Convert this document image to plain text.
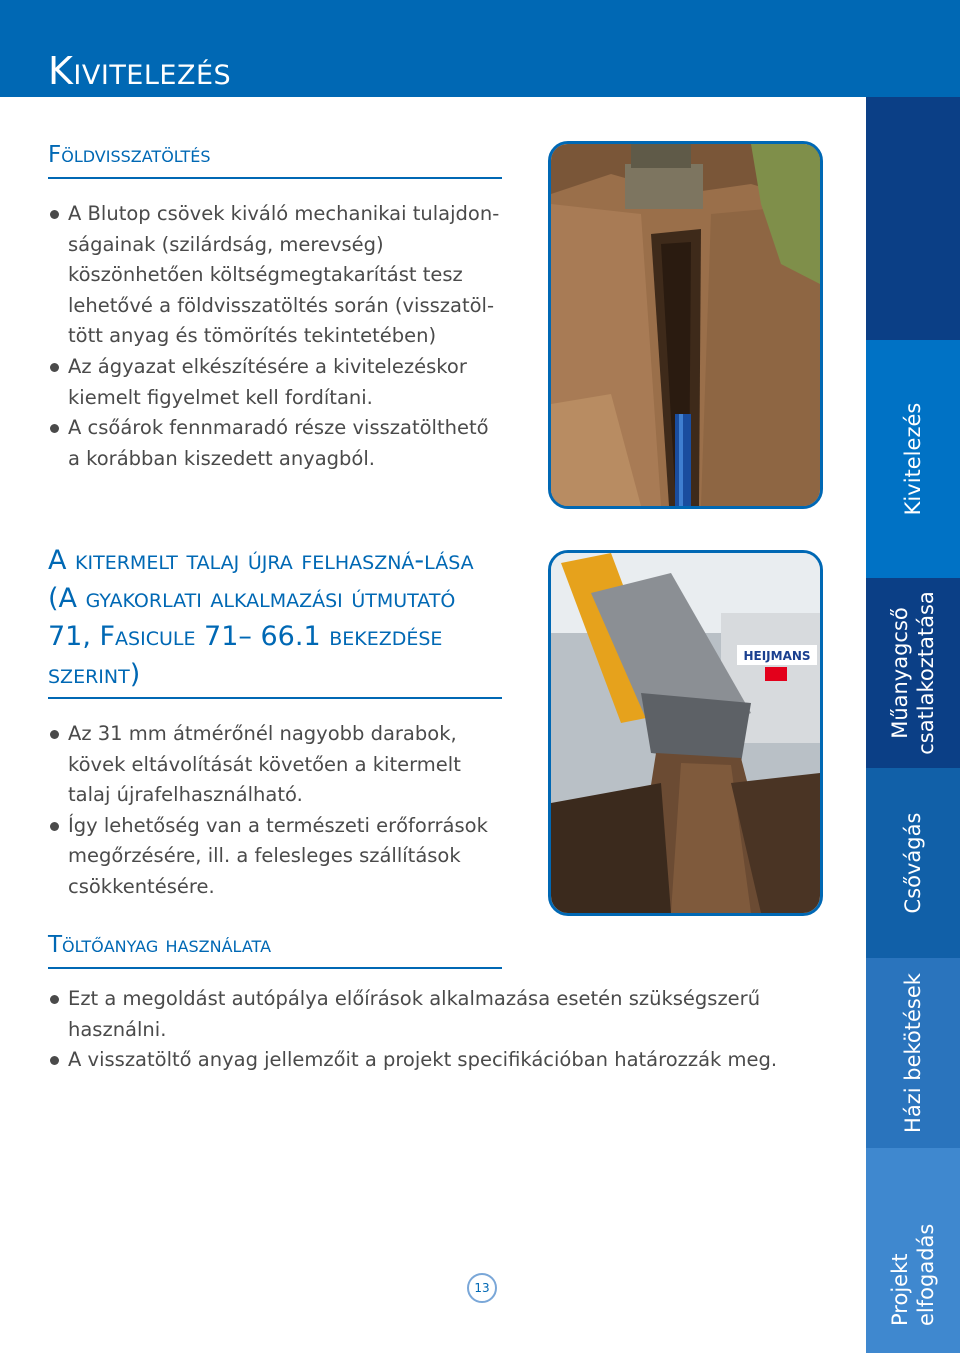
Kivitelezés
Földvisszatöltés
A Blutop csövek kiváló mechanikai tulajdon-ságainak (szilárdság, merevség) köszönhetően költségmegtakarítást tesz lehetővé a földvisszatöltés során (visszatöl-tött anyag és tömörítés tekintetében)
Az ágyazat elkészítésére a kivitelezéskor kiemelt figyelmet kell fordítani.
A csőárok fennmaradó része visszatölthető a korábban kiszedett anyagból.
A kitermelt talaj újra felhaszná-lása (A gyakorlati alkalmazási útmutató 71, Fasicule 71– 66.1 bekezdése szerint)
Az 31 mm átmérőnél nagyobb darabok, kövek eltávolítását követően a kitermelt talaj újrafelhasználható.
Így lehetőség van a természeti erőforrások megőrzésére, ill. a felesleges szállítások csökkentésére.
Töltőanyag használata
Ezt a megoldást autópálya előírások alkalmazása esetén szükségszerű használni.
A visszatöltő anyag jellemzőit a projekt specifikációban határozzák meg.
HEIJMANS
13
Kivitelezés
Műanyagcső csatlakoztatása
Csővágás
Házi bekötések
Projekt elfogadás
